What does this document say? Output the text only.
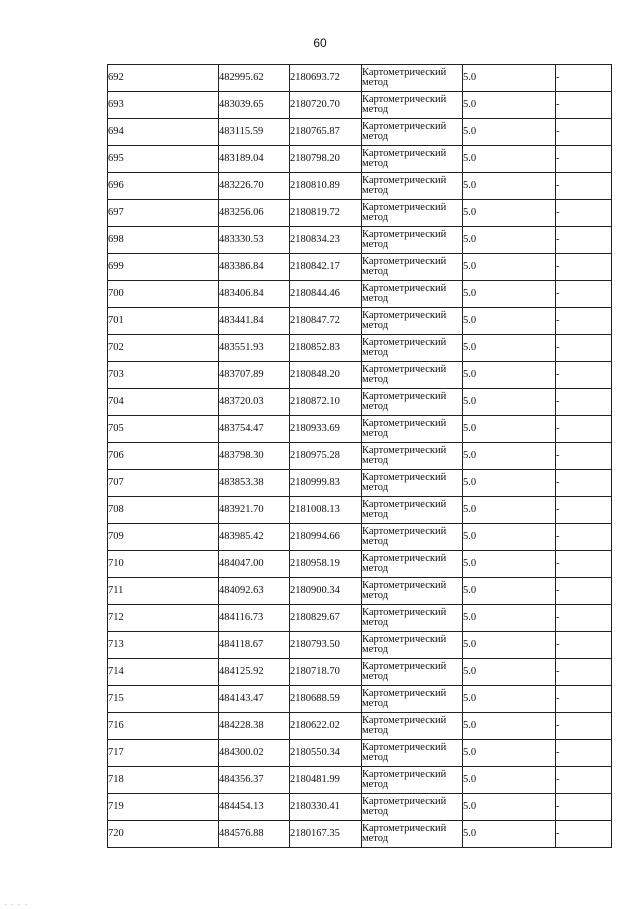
60
692	482995.62	2180693.72	Картометрический
метод	5.0	-
693	483039.65	2180720.70	Картометрический
метод	5.0	-
694	483115.59	2180765.87	Картометрический
метод	5.0	-
695	483189.04	2180798.20	Картометрический
метод	5.0	-
696	483226.70	2180810.89	Картометрический
метод	5.0	-
697	483256.06	2180819.72	Картометрический
метод	5.0	-
698	483330.53	2180834.23	Картометрический
метод	5.0	-
699	483386.84	2180842.17	Картометрический
метод	5.0	-
700	483406.84	2180844.46	Картометрический
метод	5.0	-
701	483441.84	2180847.72	Картометрический
метод	5.0	-
702	483551.93	2180852.83	Картометрический
метод	5.0	-
703	483707.89	2180848.20	Картометрический
метод	5.0	-
704	483720.03	2180872.10	Картометрический
метод	5.0	-
705	483754.47	2180933.69	Картометрический
метод	5.0	-
706	483798.30	2180975.28	Картометрический
метод	5.0	-
707	483853.38	2180999.83	Картометрический
метод	5.0	-
708	483921.70	2181008.13	Картометрический
метод	5.0	-
709	483985.42	2180994.66	Картометрический
метод	5.0	-
710	484047.00	2180958.19	Картометрический
метод	5.0	-
711	484092.63	2180900.34	Картометрический
метод	5.0	-
712	484116.73	2180829.67	Картометрический
метод	5.0	-
713	484118.67	2180793.50	Картометрический
метод	5.0	-
714	484125.92	2180718.70	Картометрический
метод	5.0	-
715	484143.47	2180688.59	Картометрический
метод	5.0	-
716	484228.38	2180622.02	Картометрический
метод	5.0	-
717	484300.02	2180550.34	Картометрический
метод	5.0	-
718	484356.37	2180481.99	Картометрический
метод	5.0	-
719	484454.13	2180330.41	Картометрический
метод	5.0	-
720	484576.88	2180167.35	Картометрический
метод	5.0	-
· · · ·
